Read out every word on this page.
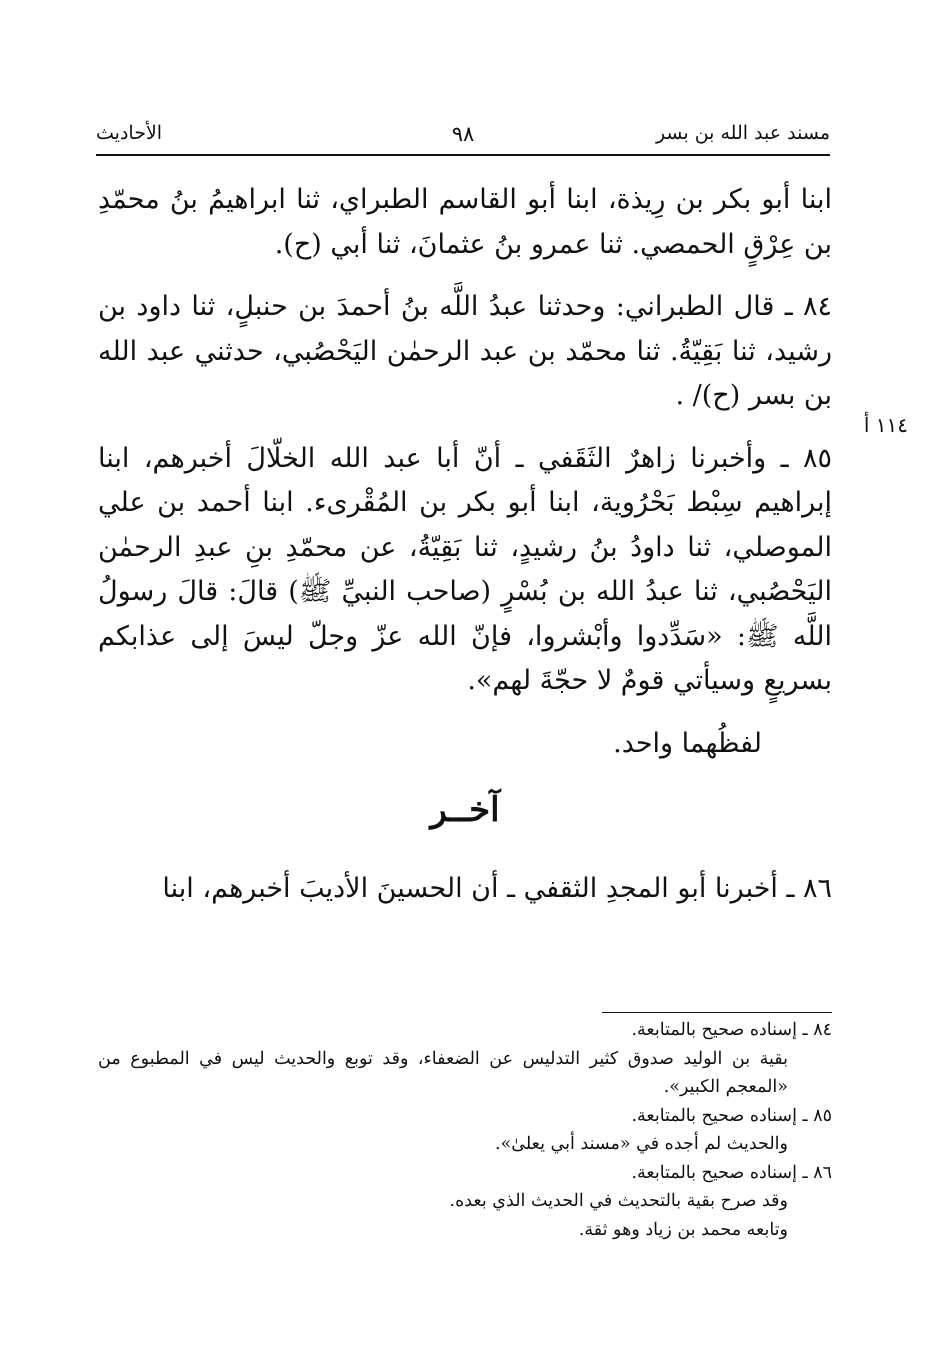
مسند عبد الله بن بسر
٩٨
الأحاديث
١١٤ أ

ابنا أبو بكر بن رِيذة، ابنا أبو القاسم الطبراي، ثنا ابراهيمُ بنُ محمّدِ بن عِرْقٍ الحمصي. ثنا عمرو بنُ عثمانَ، ثنا أبي (ح).

٨٤ ـ قال الطبراني: وحدثنا عبدُ اللَّه بنُ أحمدَ بن حنبلٍ، ثنا داود بن رشيد، ثنا بَقِيّةُ. ثنا محمّد بن عبد الرحمٰن اليَحْصُبي، حدثني عبد الله بن بسر (ح)/ .

٨٥ ـ وأخبرنا زاهرٌ الثَقَفي ـ أنّ أبا عبد الله الخلّالَ أخبرهم، ابنا إبراهيم سِبْط بَحْرُوية، ابنا أبو بكر بن المُقْرىء. ابنا أحمد بن علي الموصلي، ثنا داودُ بنُ رشيدٍ، ثنا بَقِيّةُ، عن محمّدِ بنِ عبدِ الرحمٰن اليَحْصُبي، ثنا عبدُ الله بن بُسْرٍ (صاحب النبيِّ ﷺ) قالَ: قالَ رسولُ اللَّه ﷺ: «سَدِّدوا وأبْشروا، فإنّ الله عزّ وجلّ ليسَ إلى عذابكم بسريعٍ وسيأتي قومٌ لا حجّةَ لهم».

لفظُهما واحد.

آخــر

٨٦ ـ أخبرنا أبو المجدِ الثقفي ـ أن الحسينَ الأديبَ أخبرهم، ابنا

٨٤ ـ إسناده صحيح بالمتابعة.

بقية بن الوليد صدوق كثير التدليس عن الضعفاء، وقد توبع والحديث ليس في المطبوع من «المعجم الكبير».

٨٥ ـ إسناده صحيح بالمتابعة.

والحديث لم أجده في «مسند أبي يعلىٰ».

٨٦ ـ إسناده صحيح بالمتابعة.

وقد صرح بقية بالتحديث في الحديث الذي بعده.

وتابعه محمد بن زياد وهو ثقة.
